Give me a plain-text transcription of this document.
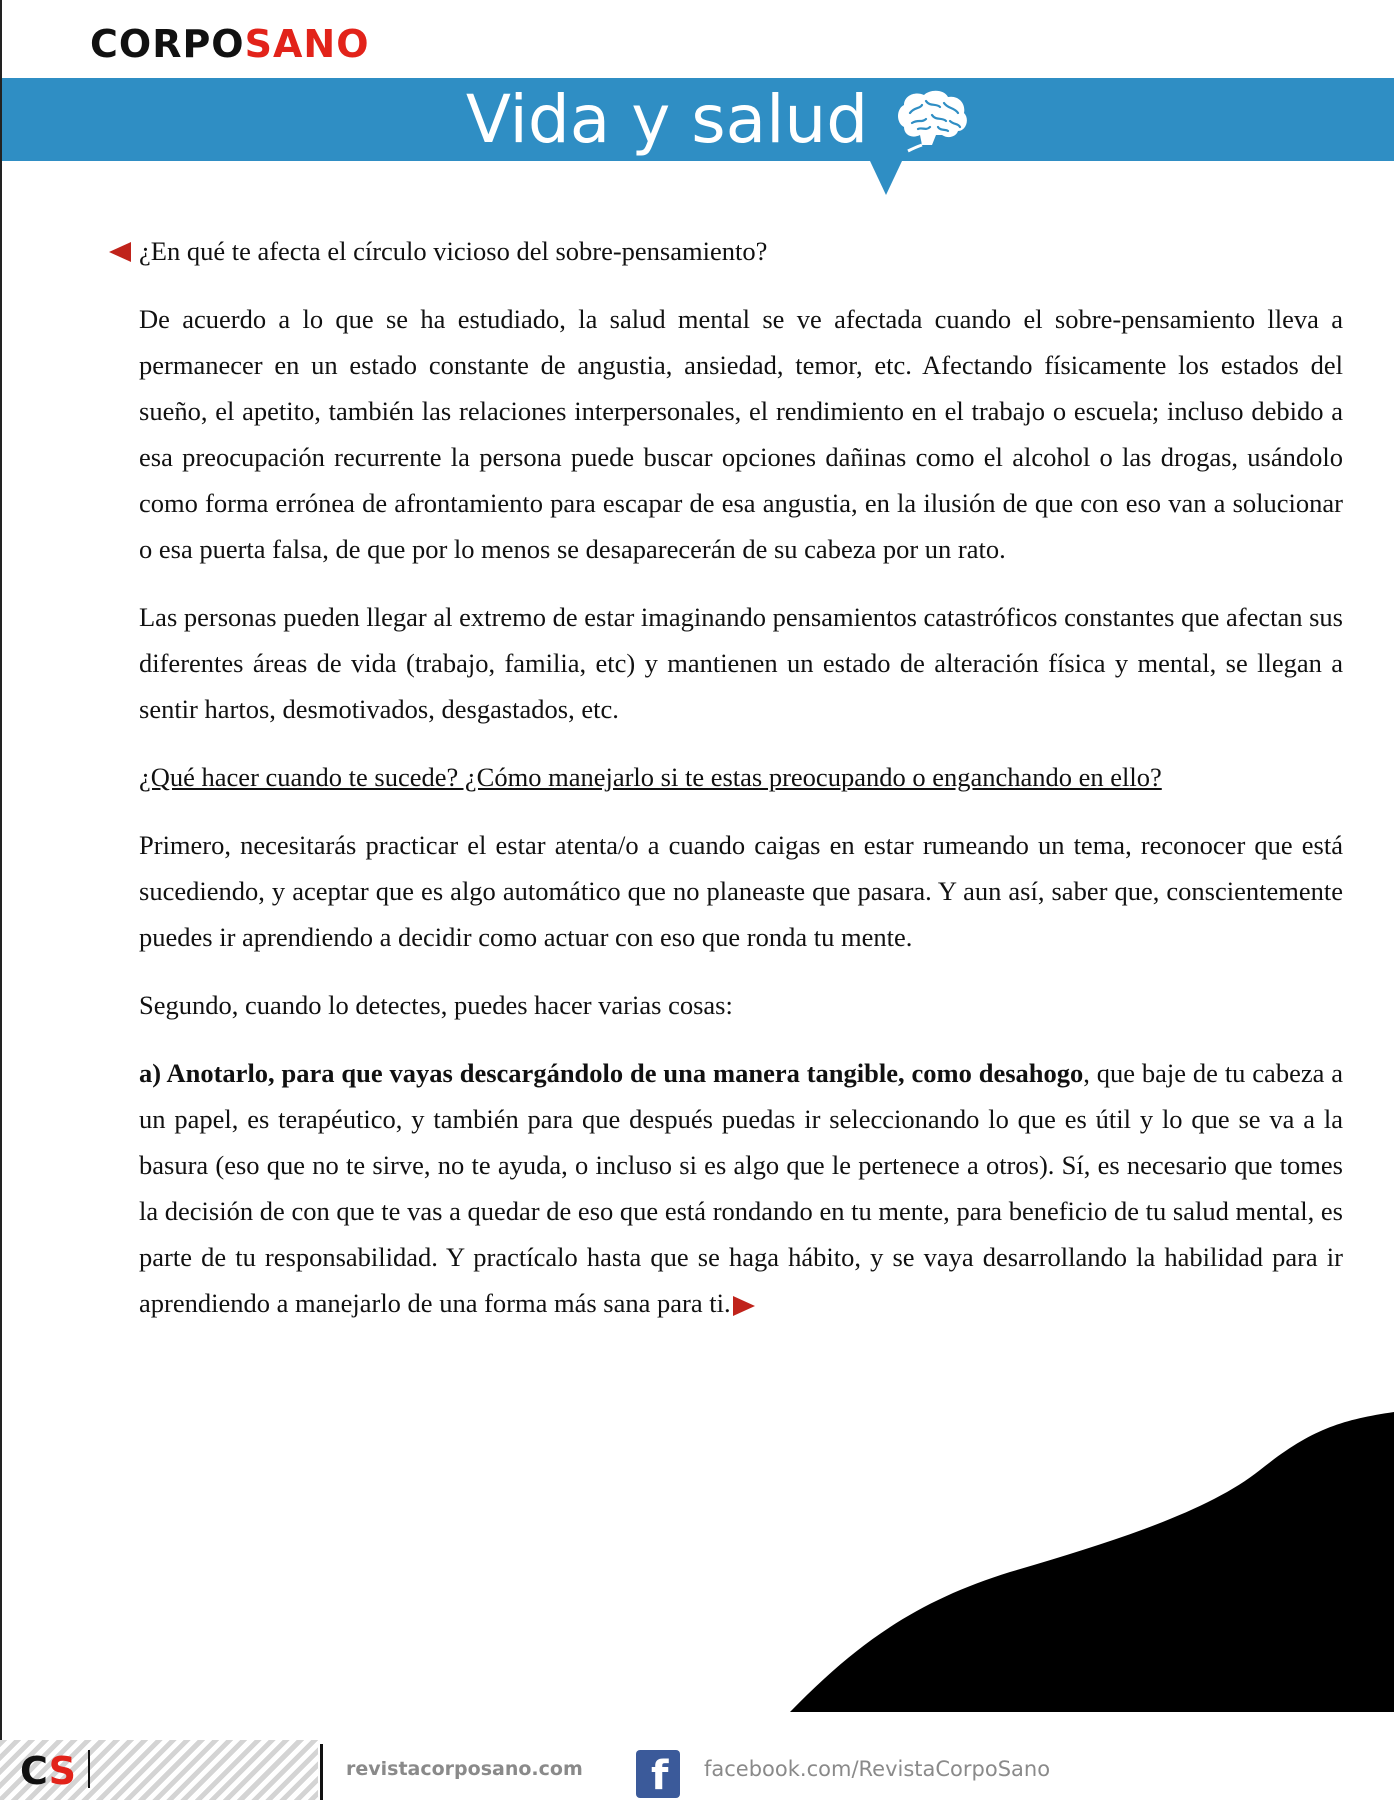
CORPOSANO
Vida y salud

¿En qué te afecta el círculo vicioso del sobre-pensamiento?

De acuerdo a lo que se ha estudiado, la salud mental se ve afectada cuando el sobre-pensamiento lleva a permanecer en un estado constante de angustia, ansiedad, temor, etc. Afectando físicamente los estados del sueño, el apetito, también las relaciones interpersonales, el rendimiento en el trabajo o escuela; incluso debido a esa preocupación recurrente la persona puede buscar opciones dañinas como el alcohol o las drogas, usándolo como forma errónea de afrontamiento para escapar de esa angustia, en la ilusión de que con eso van a solucionar o esa puerta falsa, de que por lo menos se desaparecerán de su cabeza por un rato.

Las personas pueden llegar al extremo de estar imaginando pensamientos catastróficos constantes que afectan sus diferentes áreas de vida (trabajo, familia, etc) y mantienen un estado de alteración física y mental, se llegan a sentir hartos, desmotivados, desgastados, etc.

¿Qué hacer cuando te sucede? ¿Cómo manejarlo si te estas preocupando o enganchando en ello?

Primero, necesitarás practicar el estar atenta/o a cuando caigas en estar rumeando un tema, reconocer que está sucediendo, y aceptar que es algo automático que no planeaste que pasara. Y aun así, saber que, conscientemente puedes ir aprendiendo a decidir como actuar con eso que ronda tu mente.

Segundo, cuando lo detectes, puedes hacer varias cosas:

a) Anotarlo, para que vayas descargándolo de una manera tangible, como desahogo, que baje de tu cabeza a un papel, es terapéutico, y también para que después puedas ir seleccionando lo que es útil y lo que se va a la basura (eso que no te sirve, no te ayuda, o incluso si es algo que le pertenece a otros). Sí, es necesario que tomes la decisión de con que te vas a quedar de eso que está rondando en tu mente, para beneficio de tu salud mental, es parte de tu responsabilidad. Y practícalo hasta que se haga hábito, y se vaya desarrollando la habilidad para ir aprendiendo a manejarlo de una forma más sana para ti.

CS	revistacorposano.com f facebook.com/RevistaCorpoSano
